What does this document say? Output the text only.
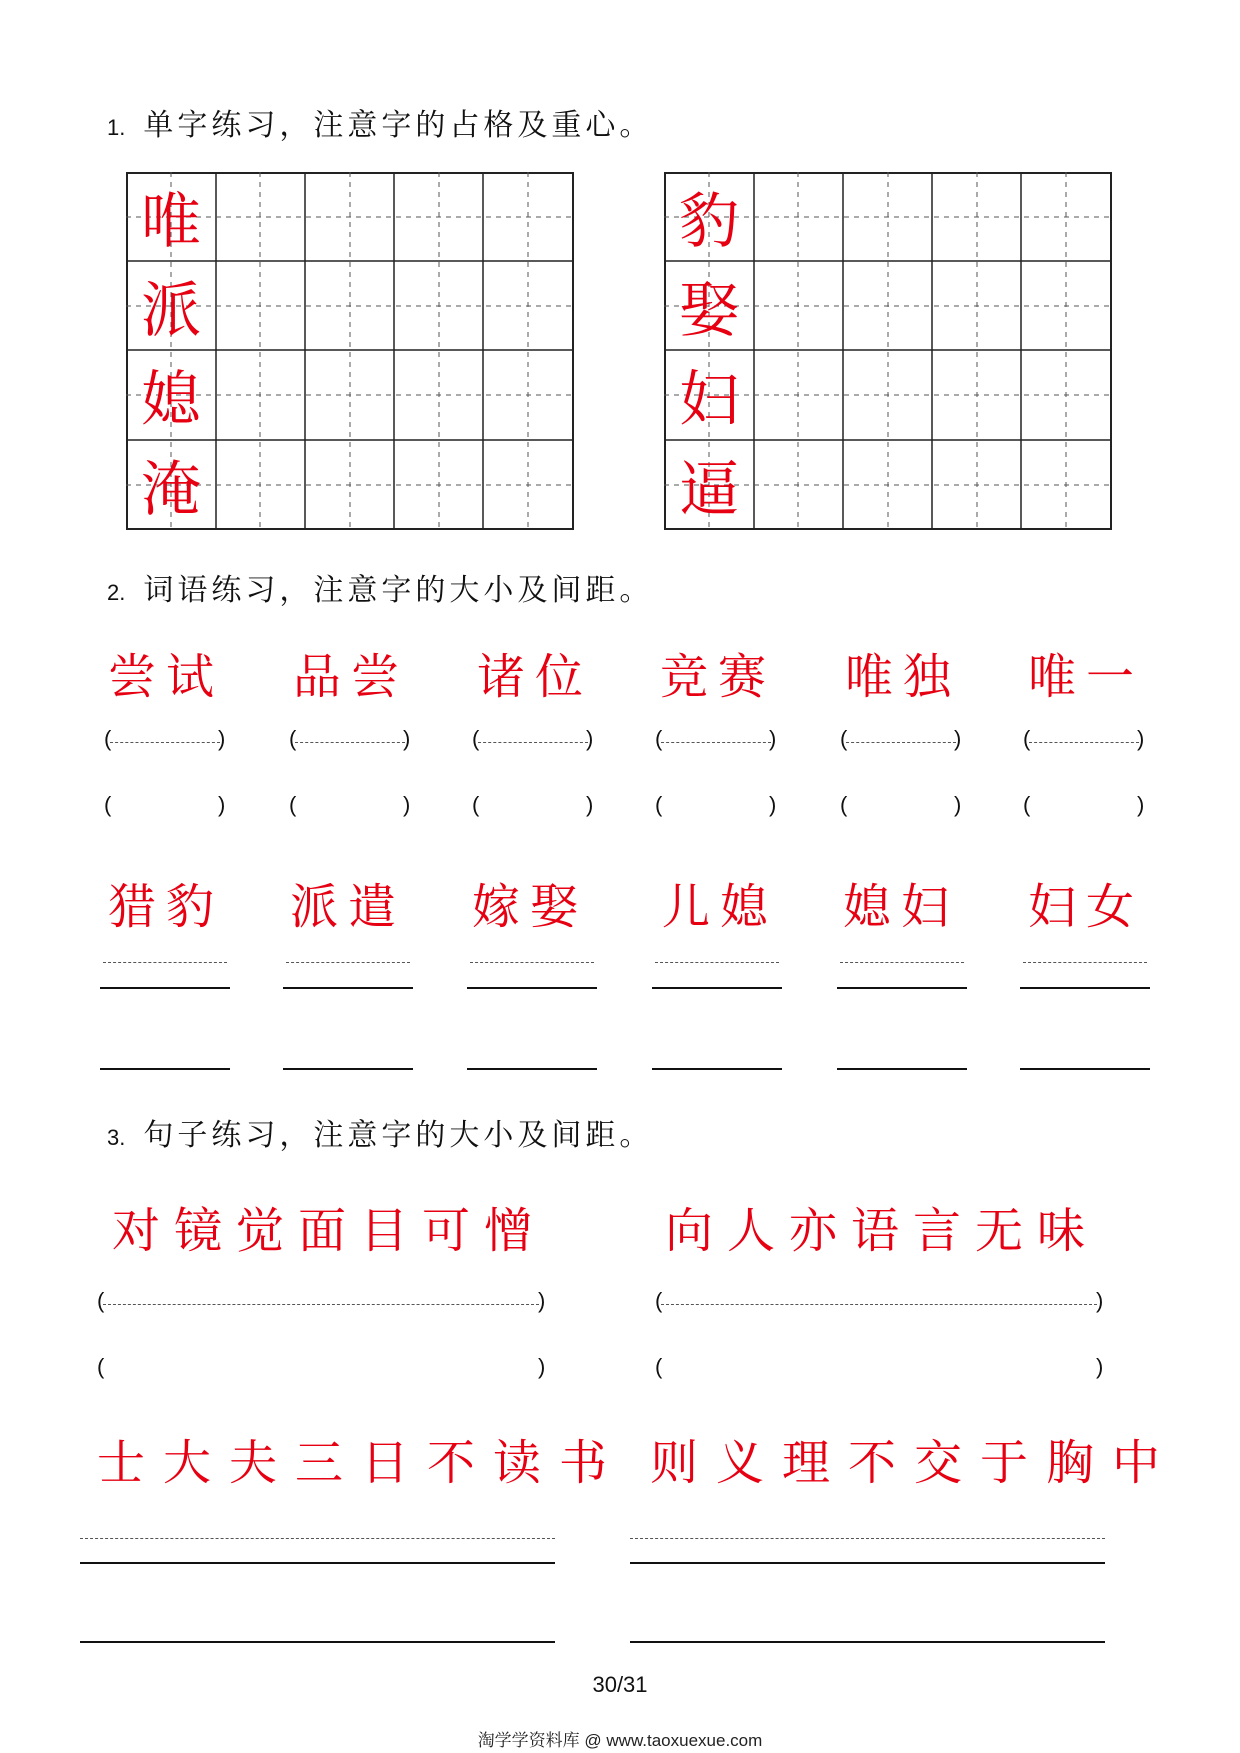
1. 单字练习，注意字的占格及重心。
唯
派
媳
淹
豹
娶
妇
逼
2. 词语练习，注意字的大小及间距。
尝试 品尝 诸位 竞赛 唯独 唯一
(	)	(	)	(	)	(	)	(	)	(	)
(	)	(	)	(	)	(	)	(	)	(	)
猎豹 派遣 嫁娶 儿媳 媳妇 妇女
3. 句子练习，注意字的大小及间距。
对镜觉面目可憎 向人亦语言无味
(	)	(	)
(	)	(	)
士大夫三日不读书 则义理不交于胸中
30/31
淘学学资料库 @ www.taoxuexue.com
